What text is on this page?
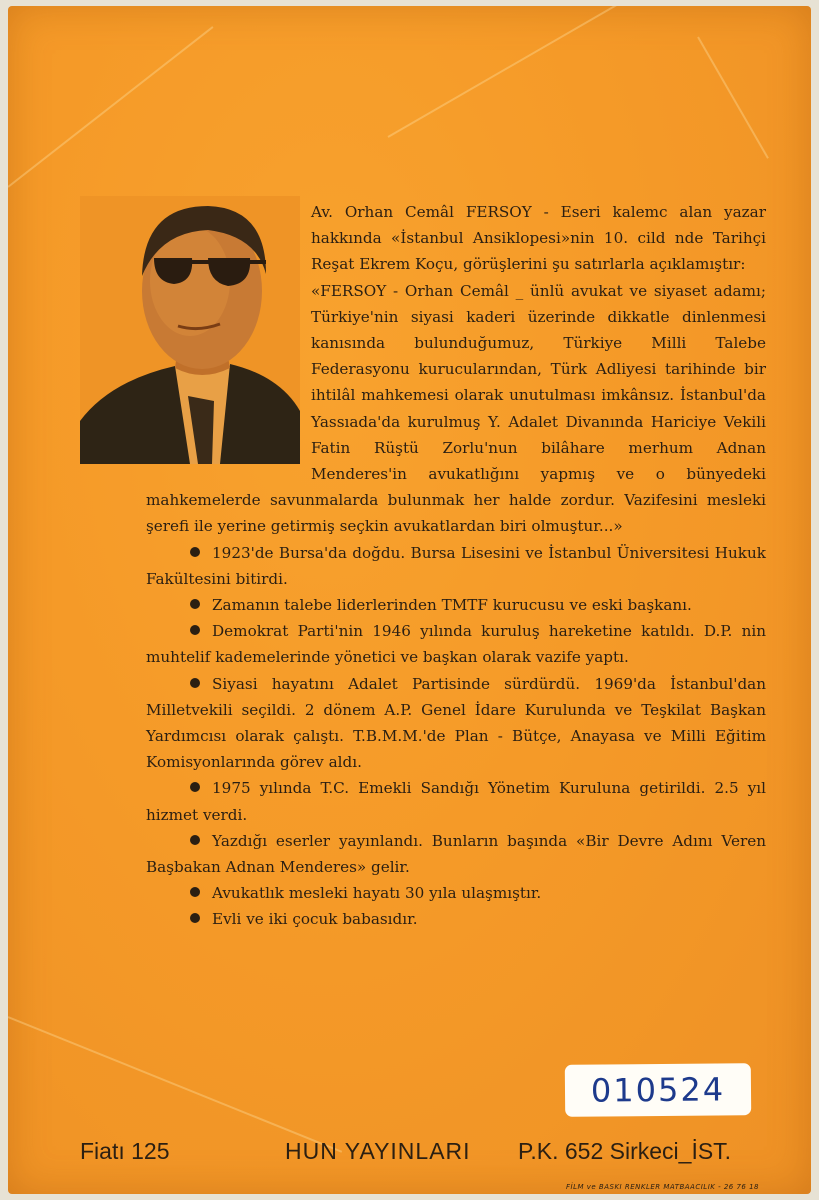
Av. Orhan Cemâl FERSOY - Eseri kalemc alan yazar hakkında «İstanbul Ansiklopesi»nin 10. cild nde Tarihçi Reşat Ekrem Koçu, görüşlerini şu satırlarla açıklamıştır:

«FERSOY - Orhan Cemâl _ ünlü avukat ve siyaset adamı; Türkiye'nin siyasi kaderi üzerinde dikkatle dinlenmesi kanısında bulunduğumuz, Türkiye Milli Talebe Federasyonu kurucularından, Türk Adliyesi tarihinde bir ihtilâl mahkemesi olarak unutulması imkânsız. İstanbul'da Yassıada'da kurulmuş Y. Adalet Divanında Hariciye Vekili Fatin Rüştü Zorlu'nun bilâhare merhum Adnan Menderes'in avukatlığını yapmış ve o bünyedeki mahkemelerde savunmalarda bulunmak her halde zordur. Vazifesini mesleki şerefi ile yerine getirmiş seçkin avukatlardan biri olmuştur...»

1923'de Bursa'da doğdu. Bursa Lisesini ve İstanbul Üniversitesi Hukuk Fakültesini bitirdi.

Zamanın talebe liderlerinden TMTF kurucusu ve eski başkanı.

Demokrat Parti'nin 1946 yılında kuruluş hareketine katıldı. D.P. nin muhtelif kademelerinde yönetici ve başkan olarak vazife yaptı.

Siyasi hayatını Adalet Partisinde sürdürdü. 1969'da İstanbul'dan Milletvekili seçildi. 2 dönem A.P. Genel İdare Kurulunda ve Teşkilat Başkan Yardımcısı olarak çalıştı. T.B.M.M.'de Plan - Bütçe, Anayasa ve Milli Eğitim Komisyonlarında görev aldı.

1975 yılında T.C. Emekli Sandığı Yönetim Kuruluna getirildi. 2.5 yıl hizmet verdi.

Yazdığı eserler yayınlandı. Bunların başında «Bir Devre Adını Veren Başbakan Adnan Menderes» gelir.

Avukatlık mesleki hayatı 30 yıla ulaşmıştır.

Evli ve iki çocuk babasıdır.

010524
Fiatı 125	HUN YAYINLARI P.K. 652 Sirkeci_İST.
FİLM ve BASKI RENKLER MATBAACILIK - 26 76 18
